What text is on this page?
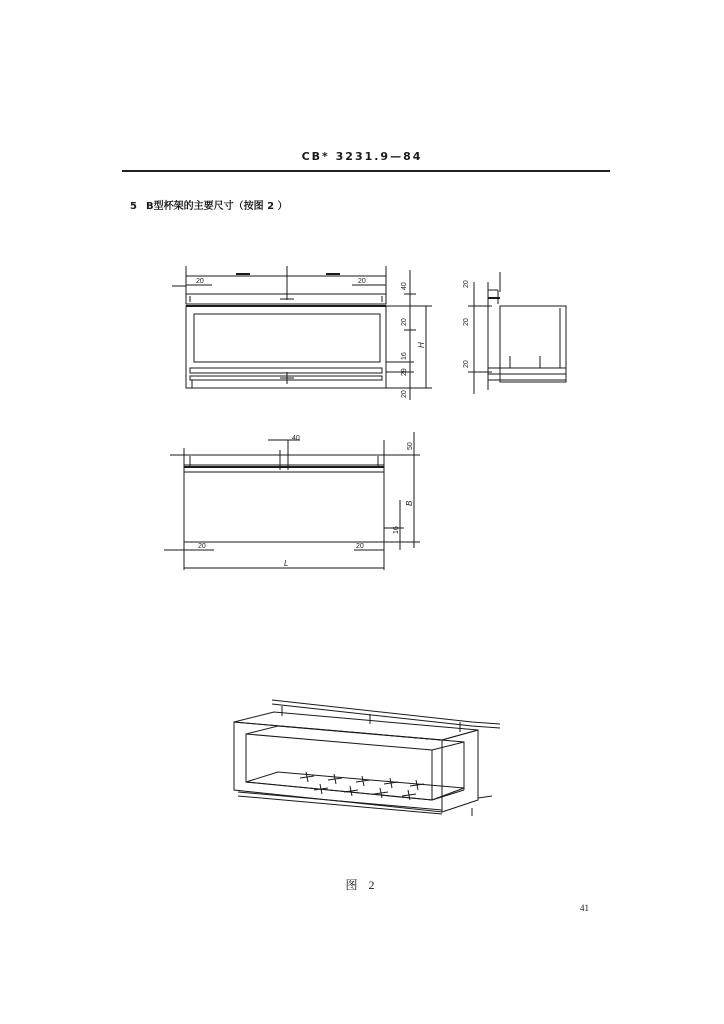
CB* 3231.9—84
5 B型杯架的主要尺寸（按图 2 ）
20	20
40
20
16
29
20
H
20
20
20
40
50
B
16
20	20
L
图 2
41
